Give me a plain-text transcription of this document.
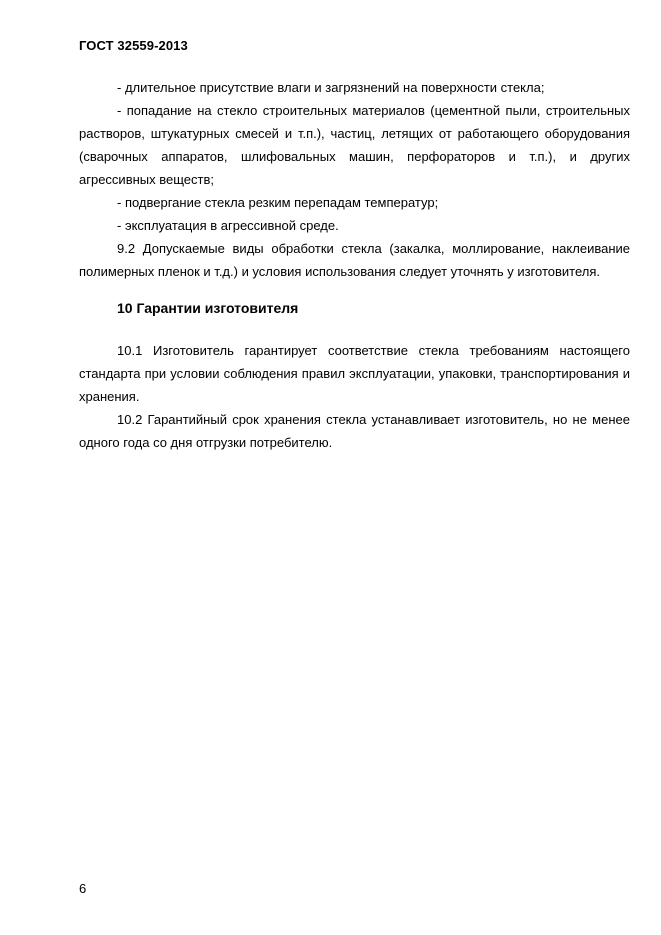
ГОСТ 32559-2013

- длительное присутствие влаги и загрязнений на поверхности стекла;

- попадание на стекло строительных материалов (цементной пыли, строительных растворов, штукатурных смесей и т.п.), частиц, летящих от работающего оборудования (сварочных аппаратов, шлифовальных машин, перфораторов и т.п.), и других агрессивных веществ;

- подвергание стекла резким перепадам температур;

- эксплуатация в агрессивной среде.

9.2 Допускаемые виды обработки стекла (закалка, моллирование, наклеивание полимерных пленок и т.д.) и условия использования следует уточнять у изготовителя.

10 Гарантии изготовителя

10.1 Изготовитель гарантирует соответствие стекла требованиям настоящего стандарта при условии соблюдения правил эксплуатации, упаковки, транспортирования и хранения.

10.2 Гарантийный срок хранения стекла устанавливает изготовитель, но не менее одного года со дня отгрузки потребителю.

6
